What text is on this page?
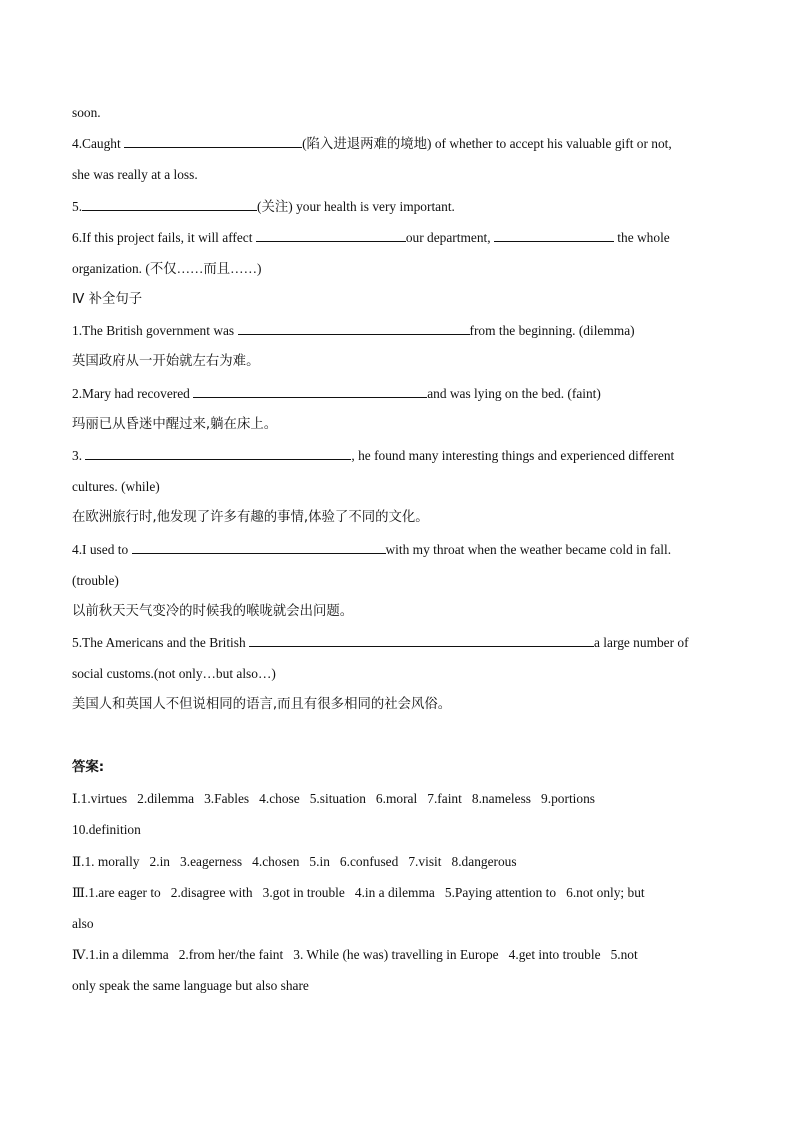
soon.
4.Caught	(陷入进退两难的境地) of whether to accept his valuable gift or not,
she was really at a loss.
5.	(关注) your health is very important.
6.If this project fails, it will affect	our department,	the whole
organization. (不仅……而且……)
Ⅳ 补全句子
1.The British government was	from the beginning. (dilemma)
英国政府从一开始就左右为难。
2.Mary had recovered	and was lying on the bed. (faint)
玛丽已从昏迷中醒过来,躺在床上。
3.	, he found many interesting things and experienced different
cultures. (while)
在欧洲旅行时,他发现了许多有趣的事情,体验了不同的文化。
4.I used to	with my throat when the weather became cold in fall.
(trouble)
以前秋天天气变冷的时候我的喉咙就会出问题。
5.The Americans and the British	a large number of
social customs.(not only…but also…)
美国人和英国人不但说相同的语言,而且有很多相同的社会风俗。
答案:
Ⅰ.1.virtues   2.dilemma   3.Fables   4.chose   5.situation   6.moral   7.faint   8.nameless   9.portions
10.definition
Ⅱ.1. morally   2.in   3.eagerness   4.chosen   5.in   6.confused   7.visit   8.dangerous
Ⅲ.1.are eager to   2.disagree with   3.got in trouble   4.in a dilemma   5.Paying attention to   6.not only; but
also
Ⅳ.1.in a dilemma   2.from her/the faint   3. While (he was) travelling in Europe   4.get into trouble   5.not
only speak the same language but also share
